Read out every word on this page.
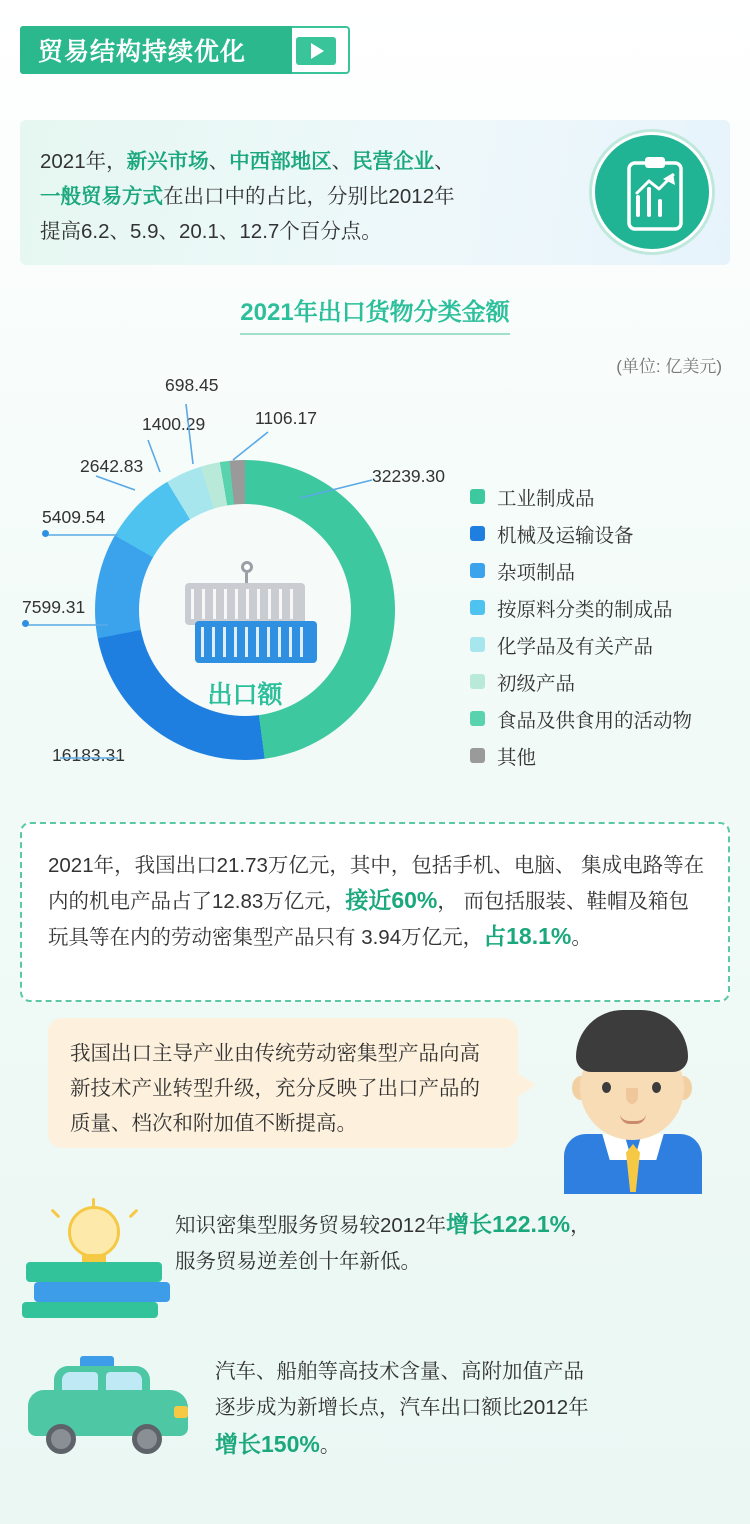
贸易结构持续优化
2021年，新兴市场、中西部地区、民营企业、
一般贸易方式在出口中的占比，分别比2012年
提高6.2、5.9、20.1、12.7个百分点。
2021年出口货物分类金额
(单位: 亿美元)
出口额
32239.30
16183.31
7599.31
5409.54
2642.83
1400.29
698.45
1106.17
工业制成品
机械及运输设备
杂项制品
按原料分类的制成品
化学品及有关产品
初级产品
食品及供食用的活动物
其他

2021年，我国出口21.73万亿元，其中，包括手机、电脑、 集成电路等在内的机电产品占了12.83万亿元，接近60%， 而包括服装、鞋帽及箱包玩具等在内的劳动密集型产品只有 3.94万亿元，占18.1%。

我国出口主导产业由传统劳动密集型产品向高新技术产业转型升级，充分反映了出口产品的质量、档次和附加值不断提高。

知识密集型服务贸易较2012年增长122.1%，
服务贸易逆差创十年新低。
汽车、船舶等高技术含量、高附加值产品
逐步成为新增长点，汽车出口额比2012年
增长150%。
